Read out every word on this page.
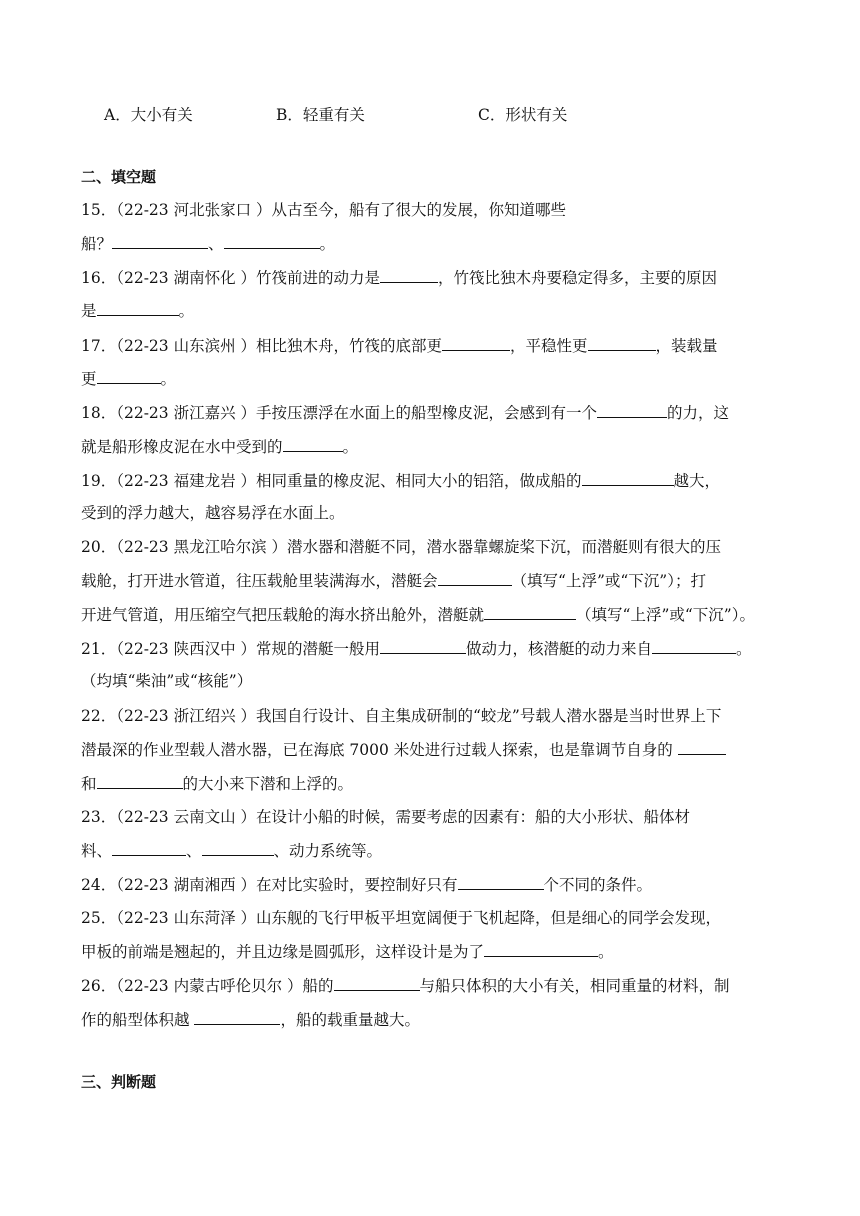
A．大小有关	B．轻重有关	C．形状有关
二、填空题
15．（22-23 河北张家口 ）从古至今，船有了很大的发展，你知道哪些
船？	、	。
16．（22-23 湖南怀化 ）竹筏前进的动力是	，竹筏比独木舟要稳定得多，主要的原因
是	。
17．（22-23 山东滨州 ）相比独木舟，竹筏的底部更	，平稳性更	，装载量
更	。
18．（22-23 浙江嘉兴 ）手按压漂浮在水面上的船型橡皮泥，会感到有一个	的力，这
就是船形橡皮泥在水中受到的	。
19．（22-23 福建龙岩 ）相同重量的橡皮泥、相同大小的铝箔，做成船的	越大，
受到的浮力越大，越容易浮在水面上。
20．（22-23 黑龙江哈尔滨 ）潜水器和潜艇不同，潜水器靠螺旋桨下沉，而潜艇则有很大的压
载舱，打开进水管道，往压载舱里装满海水，潜艇会	（填写“上浮”或“下沉”）；打
开进气管道，用压缩空气把压载舱的海水挤出舱外，潜艇就	（填写“上浮”或“下沉”）。
21．（22-23 陕西汉中 ）常规的潜艇一般用	做动力，核潜艇的动力来自	。
（均填“柴油”或“核能”）
22．（22-23 浙江绍兴 ）我国自行设计、自主集成研制的“蛟龙”号载人潜水器是当时世界上下
潜最深的作业型载人潜水器，已在海底 7000 米处进行过载人探索，也是靠调节自身的
和	的大小来下潜和上浮的。
23．（22-23 云南文山 ）在设计小船的时候，需要考虑的因素有：船的大小形状、船体材
料、	、	、动力系统等。
24．（22-23 湖南湘西 ）在对比实验时，要控制好只有	个不同的条件。
25．（22-23 山东菏泽 ）山东舰的飞行甲板平坦宽阔便于飞机起降，但是细心的同学会发现，
甲板的前端是翘起的，并且边缘是圆弧形，这样设计是为了	。
26．（22-23 内蒙古呼伦贝尔 ）船的	与船只体积的大小有关，相同重量的材料，制
作的船型体积越	，船的载重量越大。
三、判断题
